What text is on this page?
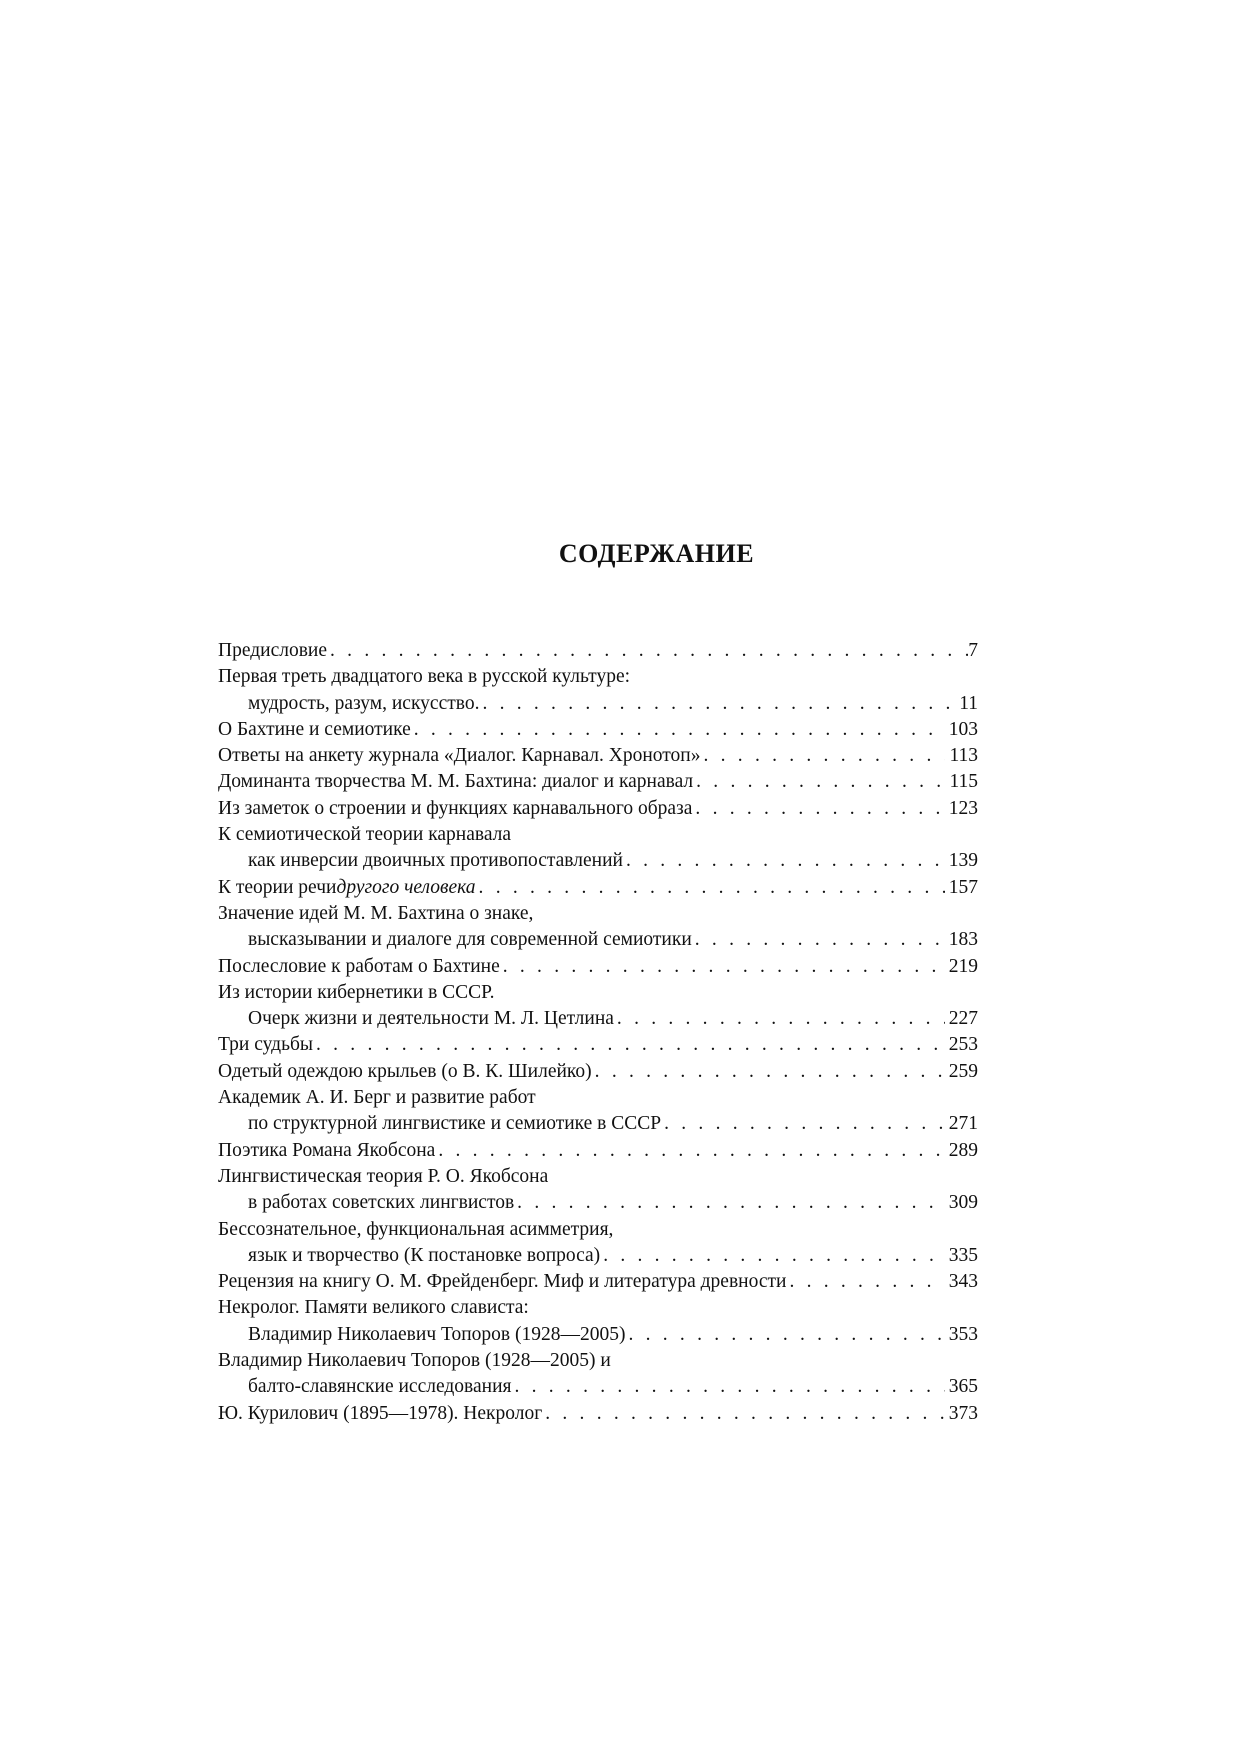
СОДЕРЖАНИЕ
Предисловие . . .	7
Первая треть двадцатого века в русской культуре:
мудрость, разум, искусство. . . .	11
О Бахтине и семиотике . . .	103
Ответы на анкету журнала «Диалог. Карнавал. Хронотоп» . . .	113
Доминанта творчества М. М. Бахтина: диалог и карнавал . . .	115
Из заметок о строении и функциях карнавального образа . . .	123
К семиотической теории карнавала
как инверсии двоичных противопоставлений . . .	139
К теории речи другого человека . . .	157
Значение идей М. М. Бахтина о знаке,
высказывании и диалоге для современной семиотики . . .	183
Послесловие к работам о Бахтине . . .	219
Из истории кибернетики в СССР.
Очерк жизни и деятельности М. Л. Цетлина . . .	227
Три судьбы . . .	253
Одетый одеждою крыльев (о В. К. Шилейко) . . .	259
Академик А. И. Берг и развитие работ
по структурной лингвистике и семиотике в СССР . . .	271
Поэтика Романа Якобсона . . .	289
Лингвистическая теория Р. О. Якобсона
в работах советских лингвистов . . .	309
Бессознательное, функциональная асимметрия,
язык и творчество (К постановке вопроса) . . .	335
Рецензия на книгу О. М. Фрейденберг. Миф и литература древности . . .	343
Некролог. Памяти великого слависта:
Владимир Николаевич Топоров (1928—2005) . . .	353
Владимир Николаевич Топоров (1928—2005) и
балто-славянские исследования . . .	365
Ю. Курилович (1895—1978). Некролог . . .	373
